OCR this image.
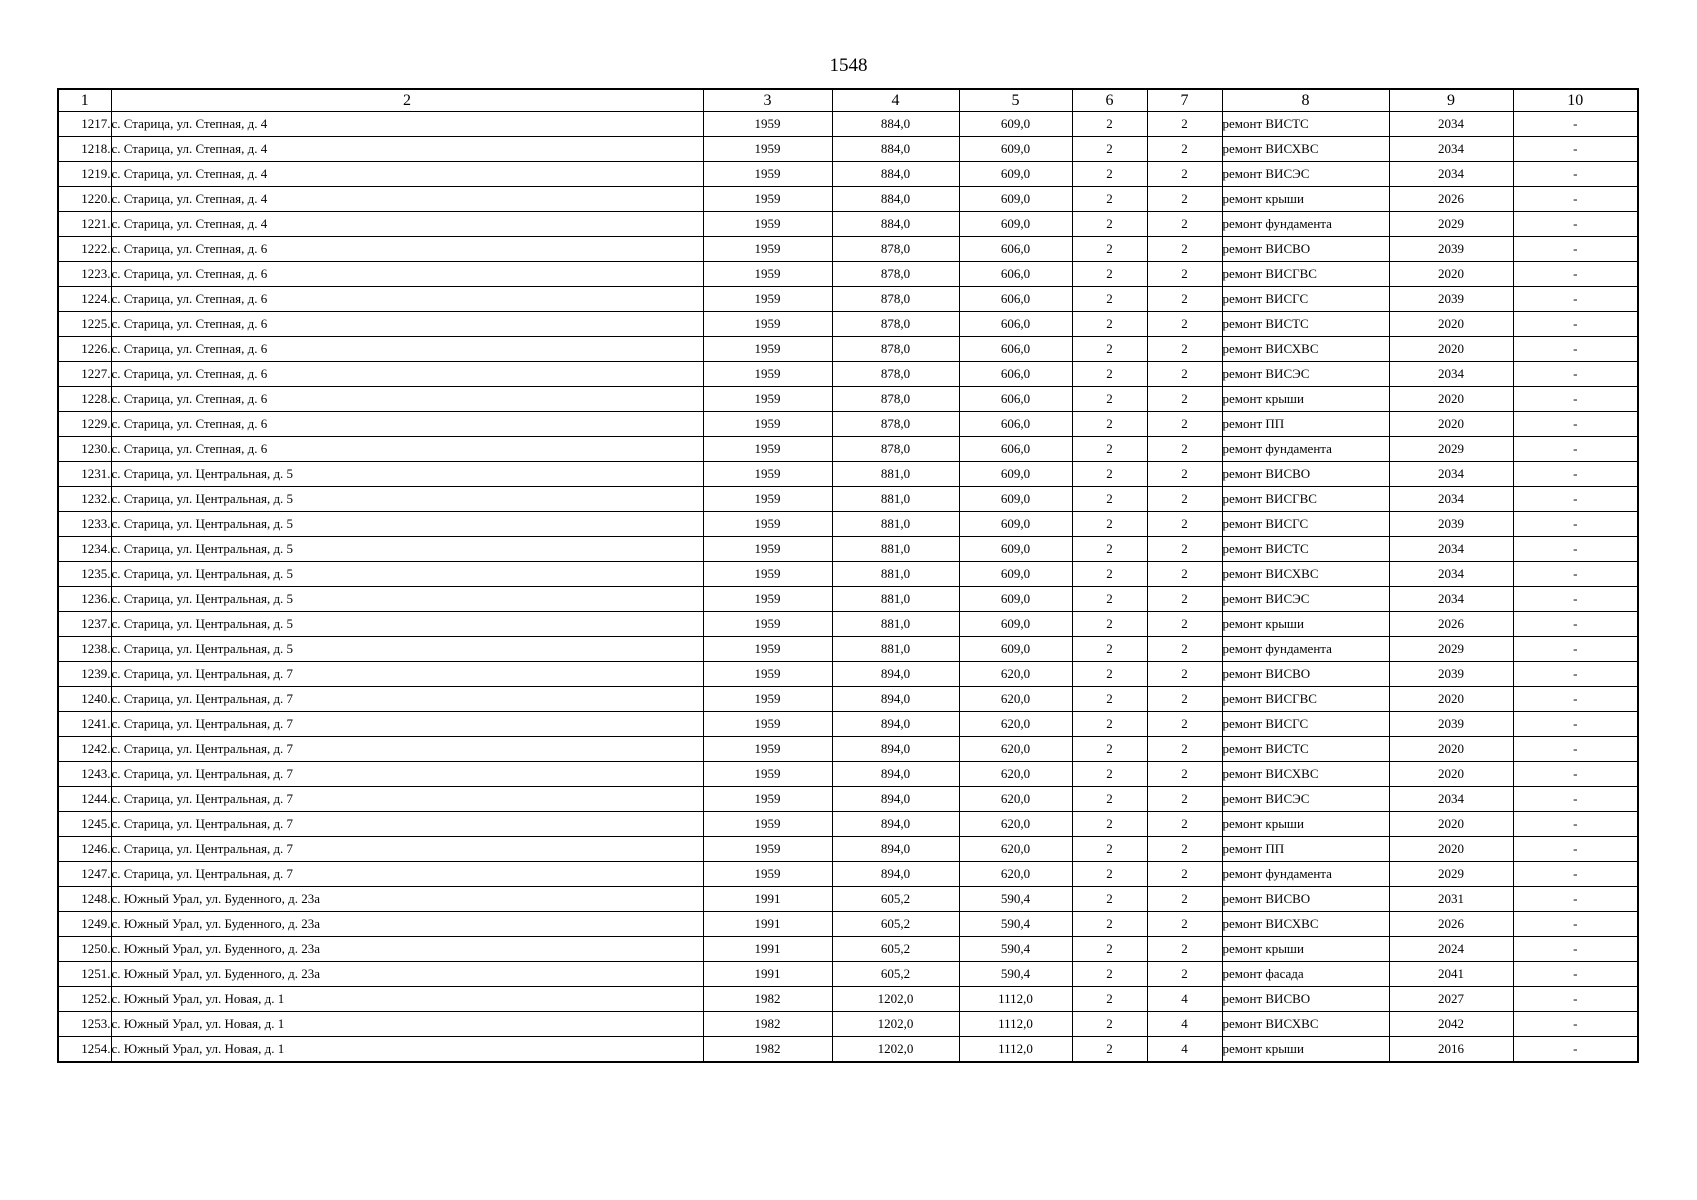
1548
1	2	3	4	5	6	7	8	9	10
1217.	с. Старица, ул. Степная, д. 4	1959	884,0	609,0	2	2	ремонт ВИСТС	2034	-
1218.	с. Старица, ул. Степная, д. 4	1959	884,0	609,0	2	2	ремонт ВИСХВС	2034	-
1219.	с. Старица, ул. Степная, д. 4	1959	884,0	609,0	2	2	ремонт ВИСЭС	2034	-
1220.	с. Старица, ул. Степная, д. 4	1959	884,0	609,0	2	2	ремонт крыши	2026	-
1221.	с. Старица, ул. Степная, д. 4	1959	884,0	609,0	2	2	ремонт фундамента	2029	-
1222.	с. Старица, ул. Степная, д. 6	1959	878,0	606,0	2	2	ремонт ВИСВО	2039	-
1223.	с. Старица, ул. Степная, д. 6	1959	878,0	606,0	2	2	ремонт ВИСГВС	2020	-
1224.	с. Старица, ул. Степная, д. 6	1959	878,0	606,0	2	2	ремонт ВИСГС	2039	-
1225.	с. Старица, ул. Степная, д. 6	1959	878,0	606,0	2	2	ремонт ВИСТС	2020	-
1226.	с. Старица, ул. Степная, д. 6	1959	878,0	606,0	2	2	ремонт ВИСХВС	2020	-
1227.	с. Старица, ул. Степная, д. 6	1959	878,0	606,0	2	2	ремонт ВИСЭС	2034	-
1228.	с. Старица, ул. Степная, д. 6	1959	878,0	606,0	2	2	ремонт крыши	2020	-
1229.	с. Старица, ул. Степная, д. 6	1959	878,0	606,0	2	2	ремонт ПП	2020	-
1230.	с. Старица, ул. Степная, д. 6	1959	878,0	606,0	2	2	ремонт фундамента	2029	-
1231.	с. Старица, ул. Центральная, д. 5	1959	881,0	609,0	2	2	ремонт ВИСВО	2034	-
1232.	с. Старица, ул. Центральная, д. 5	1959	881,0	609,0	2	2	ремонт ВИСГВС	2034	-
1233.	с. Старица, ул. Центральная, д. 5	1959	881,0	609,0	2	2	ремонт ВИСГС	2039	-
1234.	с. Старица, ул. Центральная, д. 5	1959	881,0	609,0	2	2	ремонт ВИСТС	2034	-
1235.	с. Старица, ул. Центральная, д. 5	1959	881,0	609,0	2	2	ремонт ВИСХВС	2034	-
1236.	с. Старица, ул. Центральная, д. 5	1959	881,0	609,0	2	2	ремонт ВИСЭС	2034	-
1237.	с. Старица, ул. Центральная, д. 5	1959	881,0	609,0	2	2	ремонт крыши	2026	-
1238.	с. Старица, ул. Центральная, д. 5	1959	881,0	609,0	2	2	ремонт фундамента	2029	-
1239.	с. Старица, ул. Центральная, д. 7	1959	894,0	620,0	2	2	ремонт ВИСВО	2039	-
1240.	с. Старица, ул. Центральная, д. 7	1959	894,0	620,0	2	2	ремонт ВИСГВС	2020	-
1241.	с. Старица, ул. Центральная, д. 7	1959	894,0	620,0	2	2	ремонт ВИСГС	2039	-
1242.	с. Старица, ул. Центральная, д. 7	1959	894,0	620,0	2	2	ремонт ВИСТС	2020	-
1243.	с. Старица, ул. Центральная, д. 7	1959	894,0	620,0	2	2	ремонт ВИСХВС	2020	-
1244.	с. Старица, ул. Центральная, д. 7	1959	894,0	620,0	2	2	ремонт ВИСЭС	2034	-
1245.	с. Старица, ул. Центральная, д. 7	1959	894,0	620,0	2	2	ремонт крыши	2020	-
1246.	с. Старица, ул. Центральная, д. 7	1959	894,0	620,0	2	2	ремонт ПП	2020	-
1247.	с. Старица, ул. Центральная, д. 7	1959	894,0	620,0	2	2	ремонт фундамента	2029	-
1248.	с. Южный Урал, ул. Буденного, д. 23а	1991	605,2	590,4	2	2	ремонт ВИСВО	2031	-
1249.	с. Южный Урал, ул. Буденного, д. 23а	1991	605,2	590,4	2	2	ремонт ВИСХВС	2026	-
1250.	с. Южный Урал, ул. Буденного, д. 23а	1991	605,2	590,4	2	2	ремонт крыши	2024	-
1251.	с. Южный Урал, ул. Буденного, д. 23а	1991	605,2	590,4	2	2	ремонт фасада	2041	-
1252.	с. Южный Урал, ул. Новая, д. 1	1982	1202,0	1112,0	2	4	ремонт ВИСВО	2027	-
1253.	с. Южный Урал, ул. Новая, д. 1	1982	1202,0	1112,0	2	4	ремонт ВИСХВС	2042	-
1254.	с. Южный Урал, ул. Новая, д. 1	1982	1202,0	1112,0	2	4	ремонт крыши	2016	-
